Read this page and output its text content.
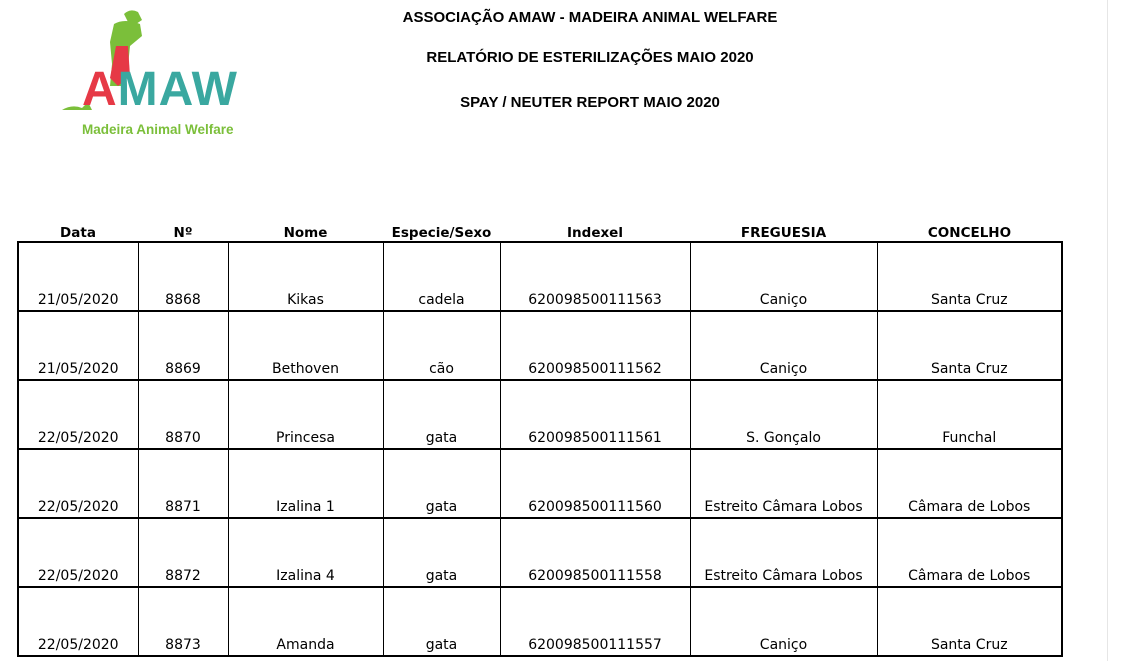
AMAW
Madeira Animal Welfare
ASSOCIAÇÃO AMAW - MADEIRA ANIMAL WELFARE
RELATÓRIO DE ESTERILIZAÇÕES MAIO 2020
SPAY / NEUTER REPORT MAIO 2020
Data	Nº	Nome	Especie/Sexo	Indexel	FREGUESIA	CONCELHO
21/05/2020	8868	Kikas	cadela	620098500111563	Caniço	Santa Cruz
21/05/2020	8869	Bethoven	cão	620098500111562	Caniço	Santa Cruz
22/05/2020	8870	Princesa	gata	620098500111561	S. Gonçalo	Funchal
22/05/2020	8871	Izalina 1	gata	620098500111560	Estreito Câmara Lobos	Câmara de Lobos
22/05/2020	8872	Izalina 4	gata	620098500111558	Estreito Câmara Lobos	Câmara de Lobos
22/05/2020	8873	Amanda	gata	620098500111557	Caniço	Santa Cruz
